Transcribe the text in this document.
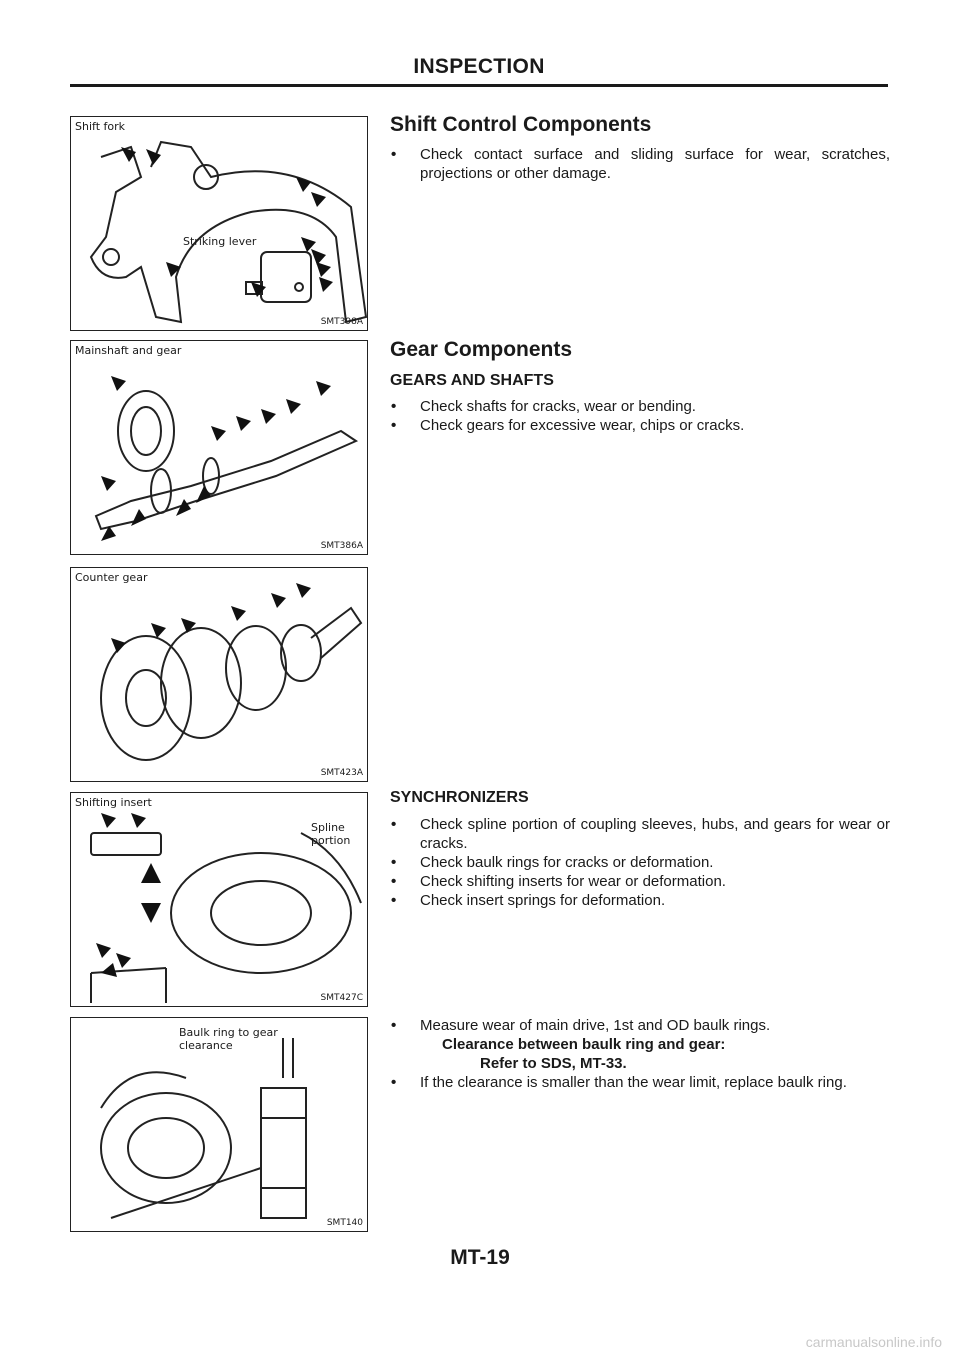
INSPECTION
Shift fork
Striking lever
SMT398A
Mainshaft and gear
SMT386A
Counter gear
SMT423A
Shifting insert
Spline portion
SMT427C
Baulk ring to gear clearance
SMT140
Shift Control Components

• Check contact surface and sliding surface for wear, scratches, projections or other damage.

Gear Components
GEARS AND SHAFTS

• Check shafts for cracks, wear or bending.

• Check gears for excessive wear, chips or cracks.

SYNCHRONIZERS

• Check spline portion of coupling sleeves, hubs, and gears for wear or cracks.

• Check baulk rings for cracks or deformation.

• Check shifting inserts for wear or deformation.

• Check insert springs for deformation.

• Measure wear of main drive, 1st and OD baulk rings.

Clearance between baulk ring and gear:

Refer to SDS, MT-33.

• If the clearance is smaller than the wear limit, replace baulk ring.

MT-19
carmanualsonline.info
